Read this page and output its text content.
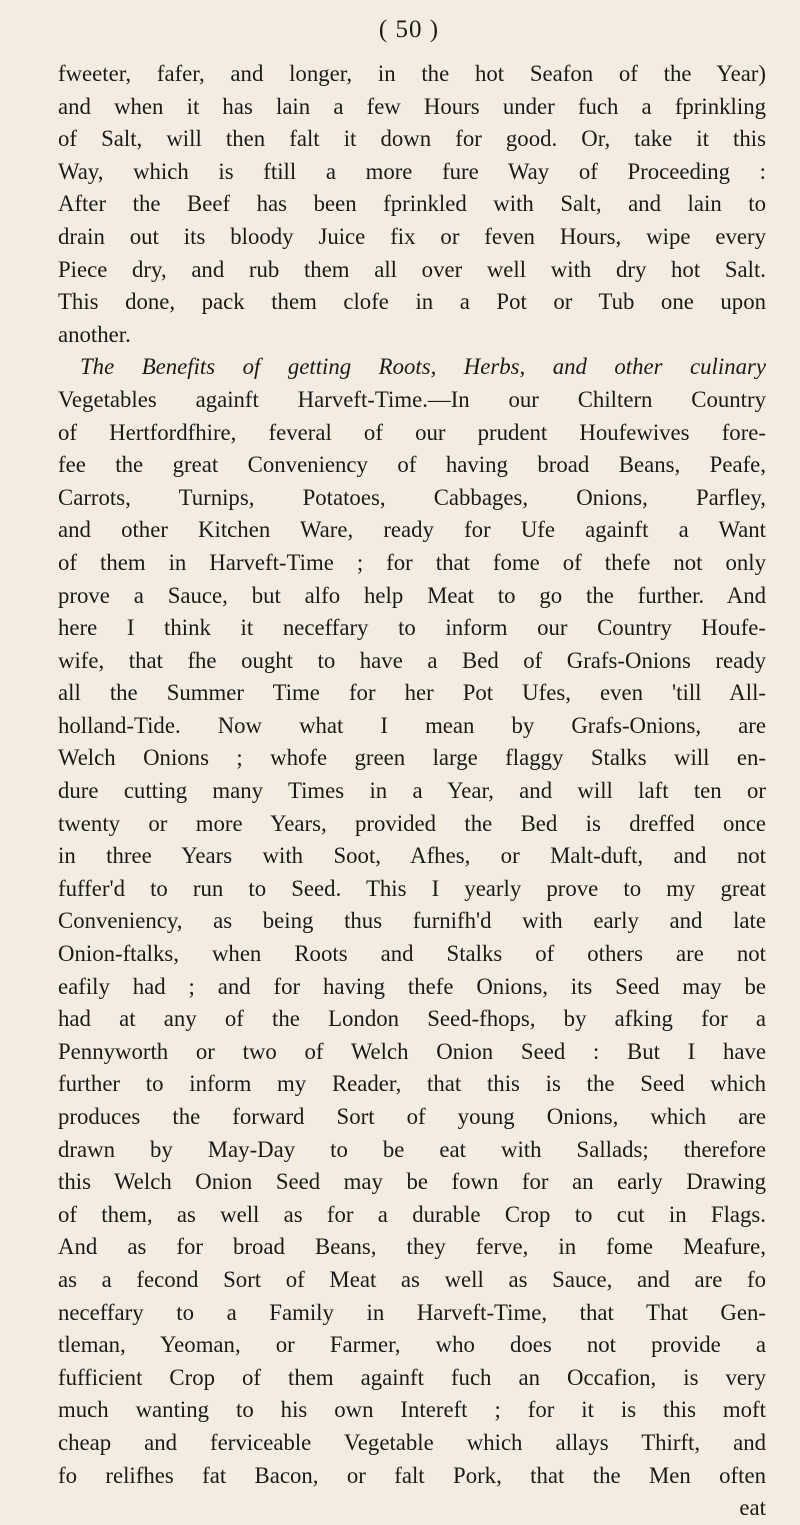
( 50 )
fweeter, fafer, and longer, in the hot Seafon of the Year)
and when it has lain a few Hours under fuch a fprinkling
of Salt, will then falt it down for good. Or, take it this
Way, which is ftill a more fure Way of Proceeding :
After the Beef has been fprinkled with Salt, and lain to
drain out its bloody Juice fix or feven Hours, wipe every
Piece dry, and rub them all over well with dry hot Salt.
This done, pack them clofe in a Pot or Tub one upon
another.
The Benefits of getting Roots, Herbs, and other culinary
Vegetables againft Harveft-Time.—In our Chiltern Country
of Hertfordfhire, feveral of our prudent Houfewives fore-
fee the great Conveniency of having broad Beans, Peafe,
Carrots, Turnips, Potatoes, Cabbages, Onions, Parfley,
and other Kitchen Ware, ready for Ufe againft a Want
of them in Harveft-Time ; for that fome of thefe not only
prove a Sauce, but alfo help Meat to go the further. And
here I think it neceffary to inform our Country Houfe-
wife, that fhe ought to have a Bed of Grafs-Onions ready
all the Summer Time for her Pot Ufes, even 'till All-
holland-Tide. Now what I mean by Grafs-Onions, are
Welch Onions ; whofe green large flaggy Stalks will en-
dure cutting many Times in a Year, and will laft ten or
twenty or more Years, provided the Bed is dreffed once
in three Years with Soot, Afhes, or Malt-duft, and not
fuffer'd to run to Seed. This I yearly prove to my great
Conveniency, as being thus furnifh'd with early and late
Onion-ftalks, when Roots and Stalks of others are not
eafily had ; and for having thefe Onions, its Seed may be
had at any of the London Seed-fhops, by afking for a
Pennyworth or two of Welch Onion Seed : But I have
further to inform my Reader, that this is the Seed which
produces the forward Sort of young Onions, which are
drawn by May-Day to be eat with Sallads; therefore
this Welch Onion Seed may be fown for an early Drawing
of them, as well as for a durable Crop to cut in Flags.
And as for broad Beans, they ferve, in fome Meafure,
as a fecond Sort of Meat as well as Sauce, and are fo
neceffary to a Family in Harveft-Time, that That Gen-
tleman, Yeoman, or Farmer, who does not provide a
fufficient Crop of them againft fuch an Occafion, is very
much wanting to his own Intereft ; for it is this moft
cheap and ferviceable Vegetable which allays Thirft, and
fo relifhes fat Bacon, or falt Pork, that the Men often
eat
